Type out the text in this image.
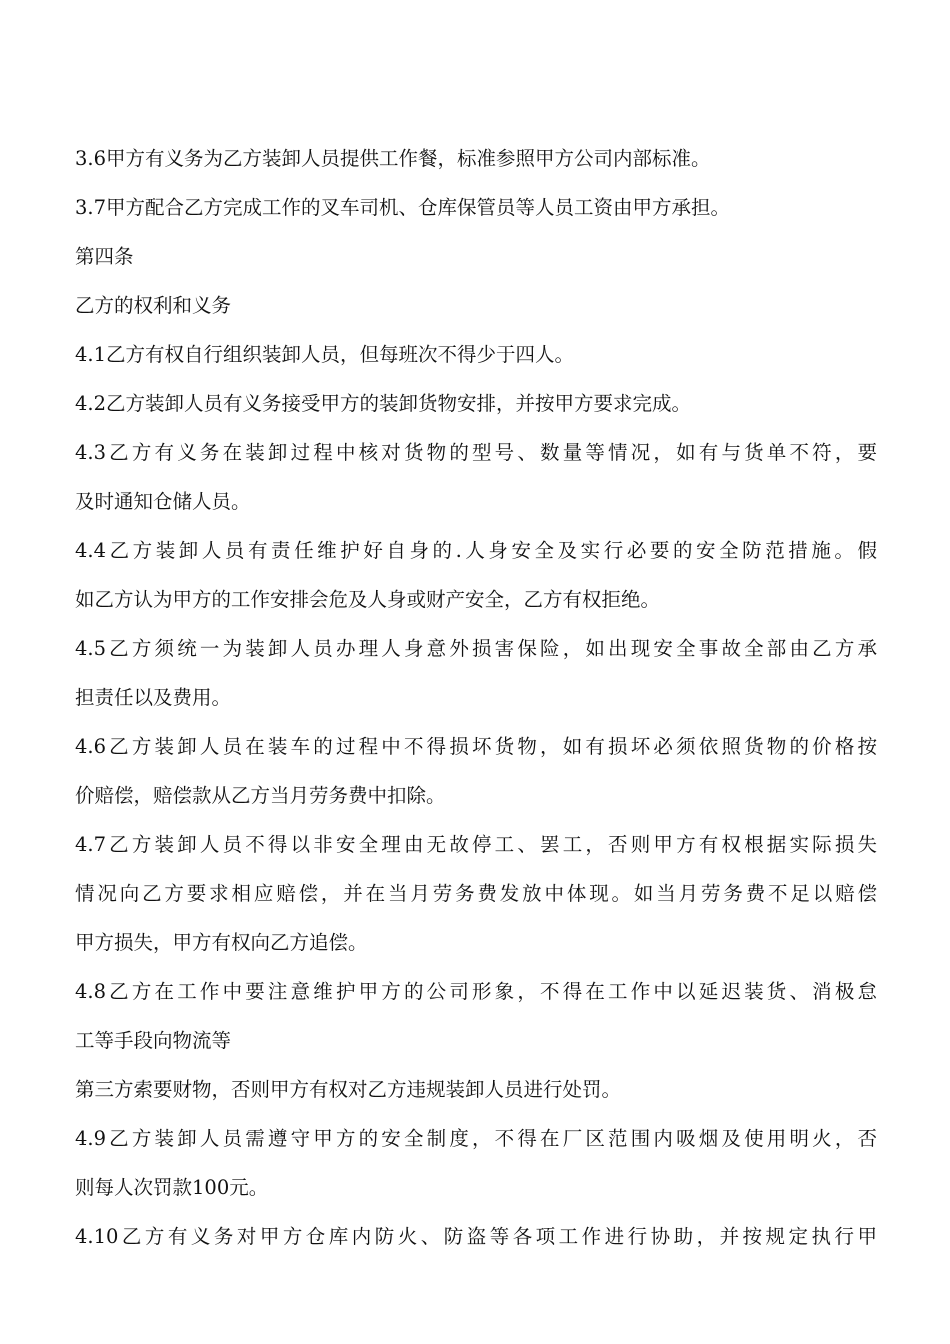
3.6甲方有义务为乙方装卸人员提供工作餐，标准参照甲方公司内部标准。
3.7甲方配合乙方完成工作的叉车司机、仓库保管员等人员工资由甲方承担。
第四条
乙方的权利和义务
4.1乙方有权自行组织装卸人员，但每班次不得少于四人。
4.2乙方装卸人员有义务接受甲方的装卸货物安排，并按甲方要求完成。
4.3乙方有义务在装卸过程中核对货物的型号、数量等情况，如有与货单不符，要
及时通知仓储人员。
4.4乙方装卸人员有责任维护好自身的.人身安全及实行必要的安全防范措施。假
如乙方认为甲方的工作安排会危及人身或财产安全，乙方有权拒绝。
4.5乙方须统一为装卸人员办理人身意外损害保险，如出现安全事故全部由乙方承
担责任以及费用。
4.6乙方装卸人员在装车的过程中不得损坏货物，如有损坏必须依照货物的价格按
价赔偿，赔偿款从乙方当月劳务费中扣除。
4.7乙方装卸人员不得以非安全理由无故停工、罢工，否则甲方有权根据实际损失
情况向乙方要求相应赔偿，并在当月劳务费发放中体现。如当月劳务费不足以赔偿
甲方损失，甲方有权向乙方追偿。
4.8乙方在工作中要注意维护甲方的公司形象，不得在工作中以延迟装货、消极怠
工等手段向物流等
第三方索要财物，否则甲方有权对乙方违规装卸人员进行处罚。
4.9乙方装卸人员需遵守甲方的安全制度，不得在厂区范围内吸烟及使用明火，否
则每人次罚款100元。
4.10乙方有义务对甲方仓库内防火、防盗等各项工作进行协助，并按规定执行甲
